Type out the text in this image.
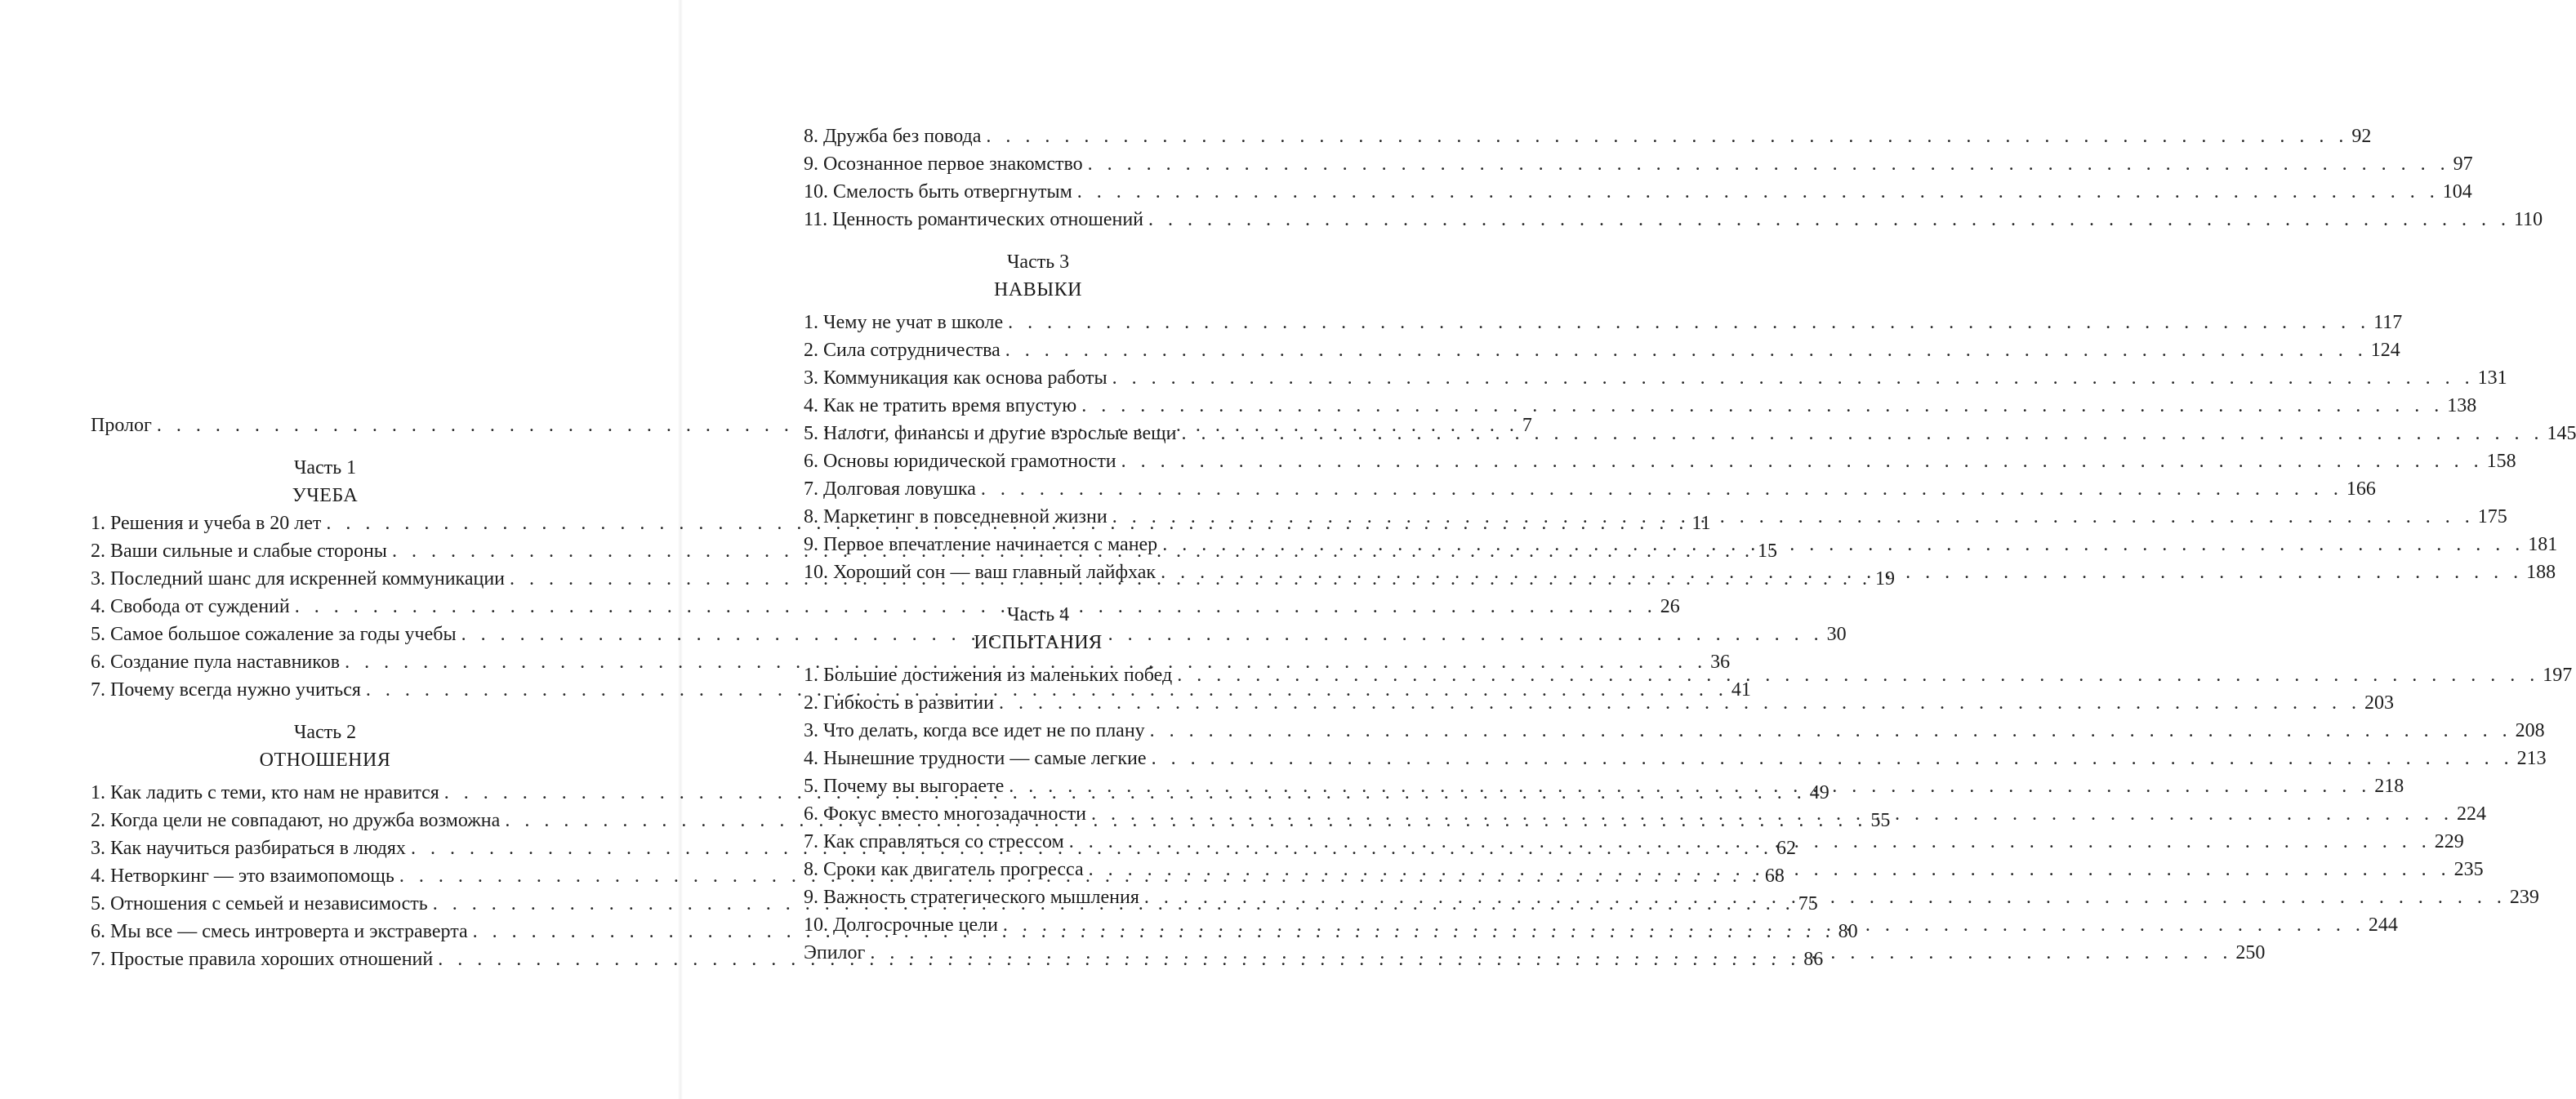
Пролог . . .	7
Часть 1
УЧЕБА
1. Решения и учеба в 20 лет . . .	11
2. Ваши сильные и слабые стороны . . .	15
3. Последний шанс для искренней коммуникации . . .	19
4. Свобода от суждений . . .	26
5. Самое большое сожаление за годы учебы . . .	30
6. Создание пула наставников . . .	36
7. Почему всегда нужно учиться . . .	41
Часть 2
ОТНОШЕНИЯ
1. Как ладить с теми, кто нам не нравится . . .	49
2. Когда цели не совпадают, но дружба возможна . . .	55
3. Как научиться разбираться в людях . . .	62
4. Нетворкинг — это взаимопомощь . . .	68
5. Отношения с семьей и независимость . . .	75
6. Мы все — смесь интроверта и экстраверта . . .	80
7. Простые правила хороших отношений . . .	86
8. Дружба без повода . . .	92
9. Осознанное первое знакомство . . .	97
10. Смелость быть отвергнутым . . .	104
11. Ценность романтических отношений . . .	110
Часть 3
НАВЫКИ
1. Чему не учат в школе . . .	117
2. Сила сотрудничества . . .	124
3. Коммуникация как основа работы . . .	131
4. Как не тратить время впустую . . .	138
5. Налоги, финансы и другие взрослые вещи . . .	145
6. Основы юридической грамотности . . .	158
7. Долговая ловушка . . .	166
8. Маркетинг в повседневной жизни . . .	175
9. Первое впечатление начинается с манер . . .	181
10. Хороший сон — ваш главный лайфхак . . .	188
Часть 4
ИСПЫТАНИЯ
1. Большие достижения из маленьких побед . . .	197
2. Гибкость в развитии . . .	203
3. Что делать, когда все идет не по плану . . .	208
4. Нынешние трудности — самые легкие . . .	213
5. Почему вы выгораете . . .	218
6. Фокус вместо многозадачности . . .	224
7. Как справляться со стрессом . . .	229
8. Сроки как двигатель прогресса . . .	235
9. Важность стратегического мышления . . .	239
10. Долгосрочные цели . . .	244
Эпилог . . .	250
